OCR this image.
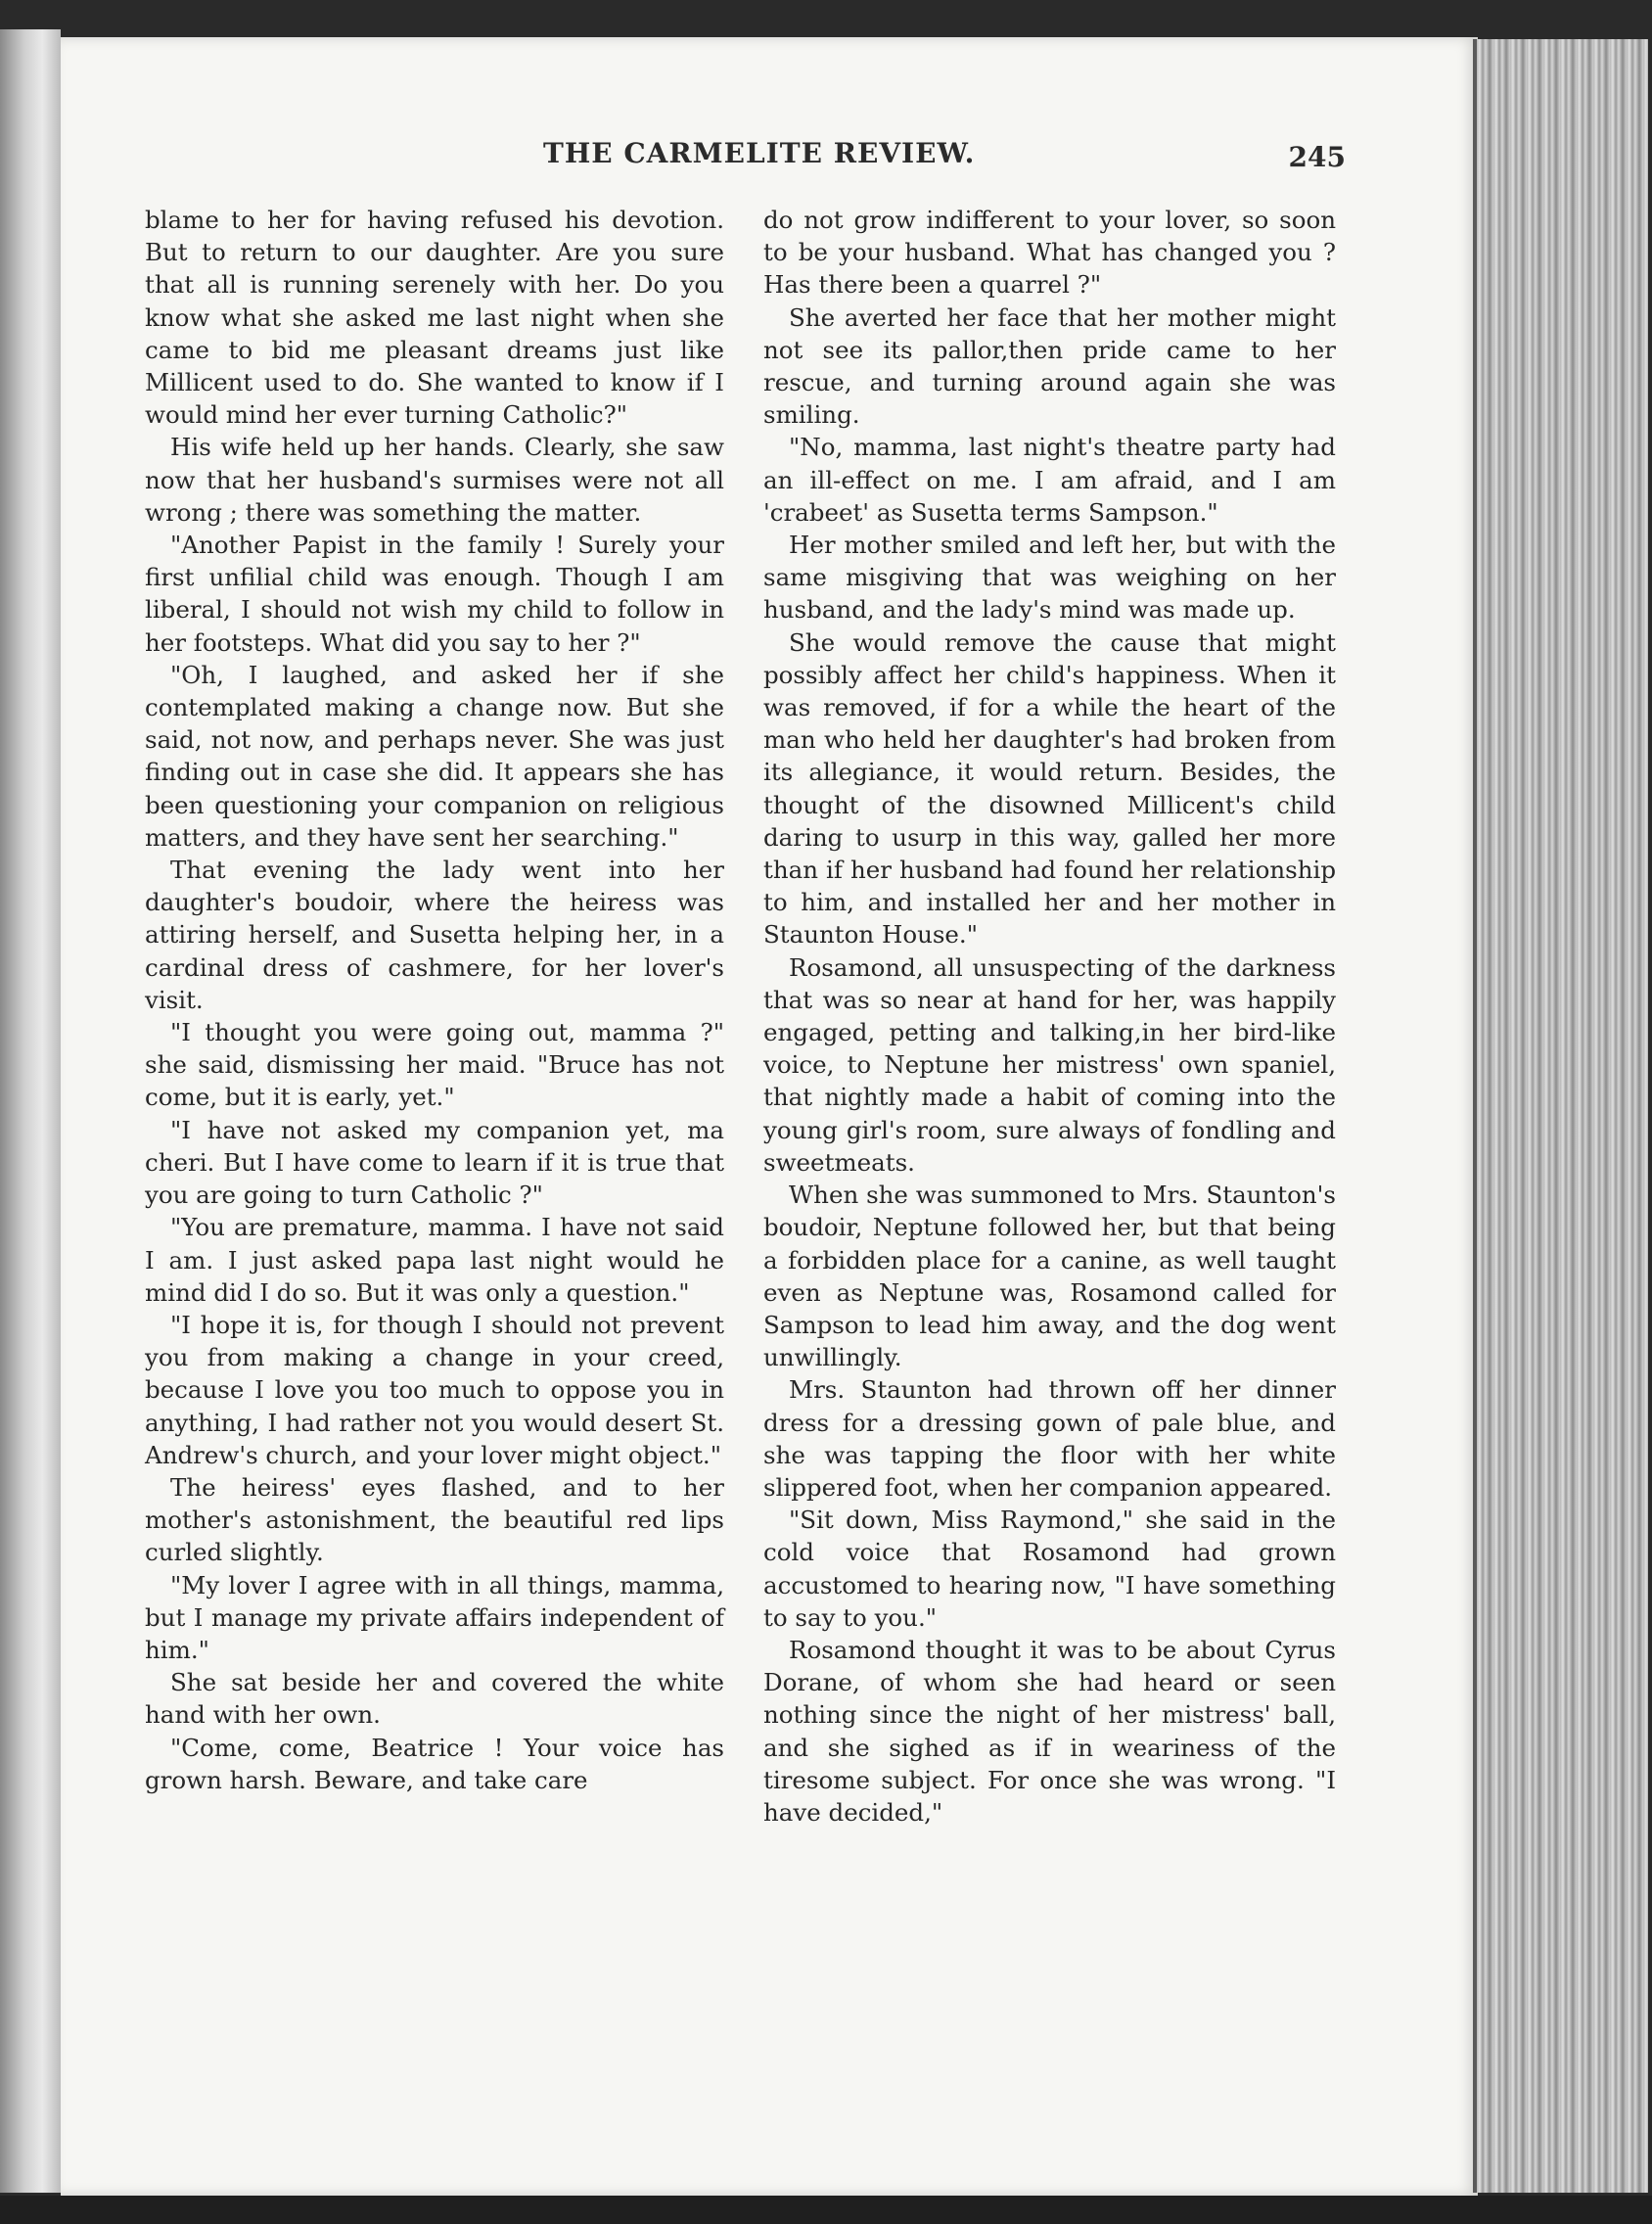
THE CARMELITE REVIEW.	245

blame to her for having refused his devotion. But to return to our daughter. Are you sure that all is running serenely with her. Do you know what she asked me last night when she came to bid me pleasant dreams just like Millicent used to do. She wanted to know if I would mind her ever turning Catholic?"

His wife held up her hands. Clearly, she saw now that her husband's surmises were not all wrong ; there was something the matter.

"Another Papist in the family ! Surely your first unfilial child was enough. Though I am liberal, I should not wish my child to follow in her footsteps. What did you say to her ?"

"Oh, I laughed, and asked her if she contemplated making a change now. But she said, not now, and perhaps never. She was just finding out in case she did. It appears she has been questioning your companion on religious matters, and they have sent her searching."

That evening the lady went into her daughter's boudoir, where the heiress was attiring herself, and Susetta helping her, in a cardinal dress of cashmere, for her lover's visit.

"I thought you were going out, mamma ?" she said, dismissing her maid. "Bruce has not come, but it is early, yet."

"I have not asked my companion yet, ma cheri. But I have come to learn if it is true that you are going to turn Catholic ?"

"You are premature, mamma. I have not said I am. I just asked papa last night would he mind did I do so. But it was only a question."

"I hope it is, for though I should not prevent you from making a change in your creed, because I love you too much to oppose you in anything, I had rather not you would desert St. Andrew's church, and your lover might object."

The heiress' eyes flashed, and to her mother's astonishment, the beautiful red lips curled slightly.

"My lover I agree with in all things, mamma, but I manage my private affairs independent of him."

She sat beside her and covered the white hand with her own.

"Come, come, Beatrice ! Your voice has grown harsh. Beware, and take care

do not grow indifferent to your lover, so soon to be your husband. What has changed you ? Has there been a quarrel ?"

She averted her face that her mother might not see its pallor,then pride came to her rescue, and turning around again she was smiling.

"No, mamma, last night's theatre party had an ill-effect on me. I am afraid, and I am 'crabeet' as Susetta terms Sampson."

Her mother smiled and left her, but with the same misgiving that was weighing on her husband, and the lady's mind was made up.

She would remove the cause that might possibly affect her child's happiness. When it was removed, if for a while the heart of the man who held her daughter's had broken from its allegiance, it would return. Besides, the thought of the disowned Millicent's child daring to usurp in this way, galled her more than if her husband had found her relationship to him, and installed her and her mother in Staunton House."

Rosamond, all unsuspecting of the darkness that was so near at hand for her, was happily engaged, petting and talking,in her bird-like voice, to Neptune her mistress' own spaniel, that nightly made a habit of coming into the young girl's room, sure always of fondling and sweetmeats.

When she was summoned to Mrs. Staunton's boudoir, Neptune followed her, but that being a forbidden place for a canine, as well taught even as Neptune was, Rosamond called for Sampson to lead him away, and the dog went unwillingly.

Mrs. Staunton had thrown off her dinner dress for a dressing gown of pale blue, and she was tapping the floor with her white slippered foot, when her companion appeared.

"Sit down, Miss Raymond," she said in the cold voice that Rosamond had grown accustomed to hearing now, "I have something to say to you."

Rosamond thought it was to be about Cyrus Dorane, of whom she had heard or seen nothing since the night of her mistress' ball, and she sighed as if in weariness of the tiresome subject. For once she was wrong. "I have decided,"
